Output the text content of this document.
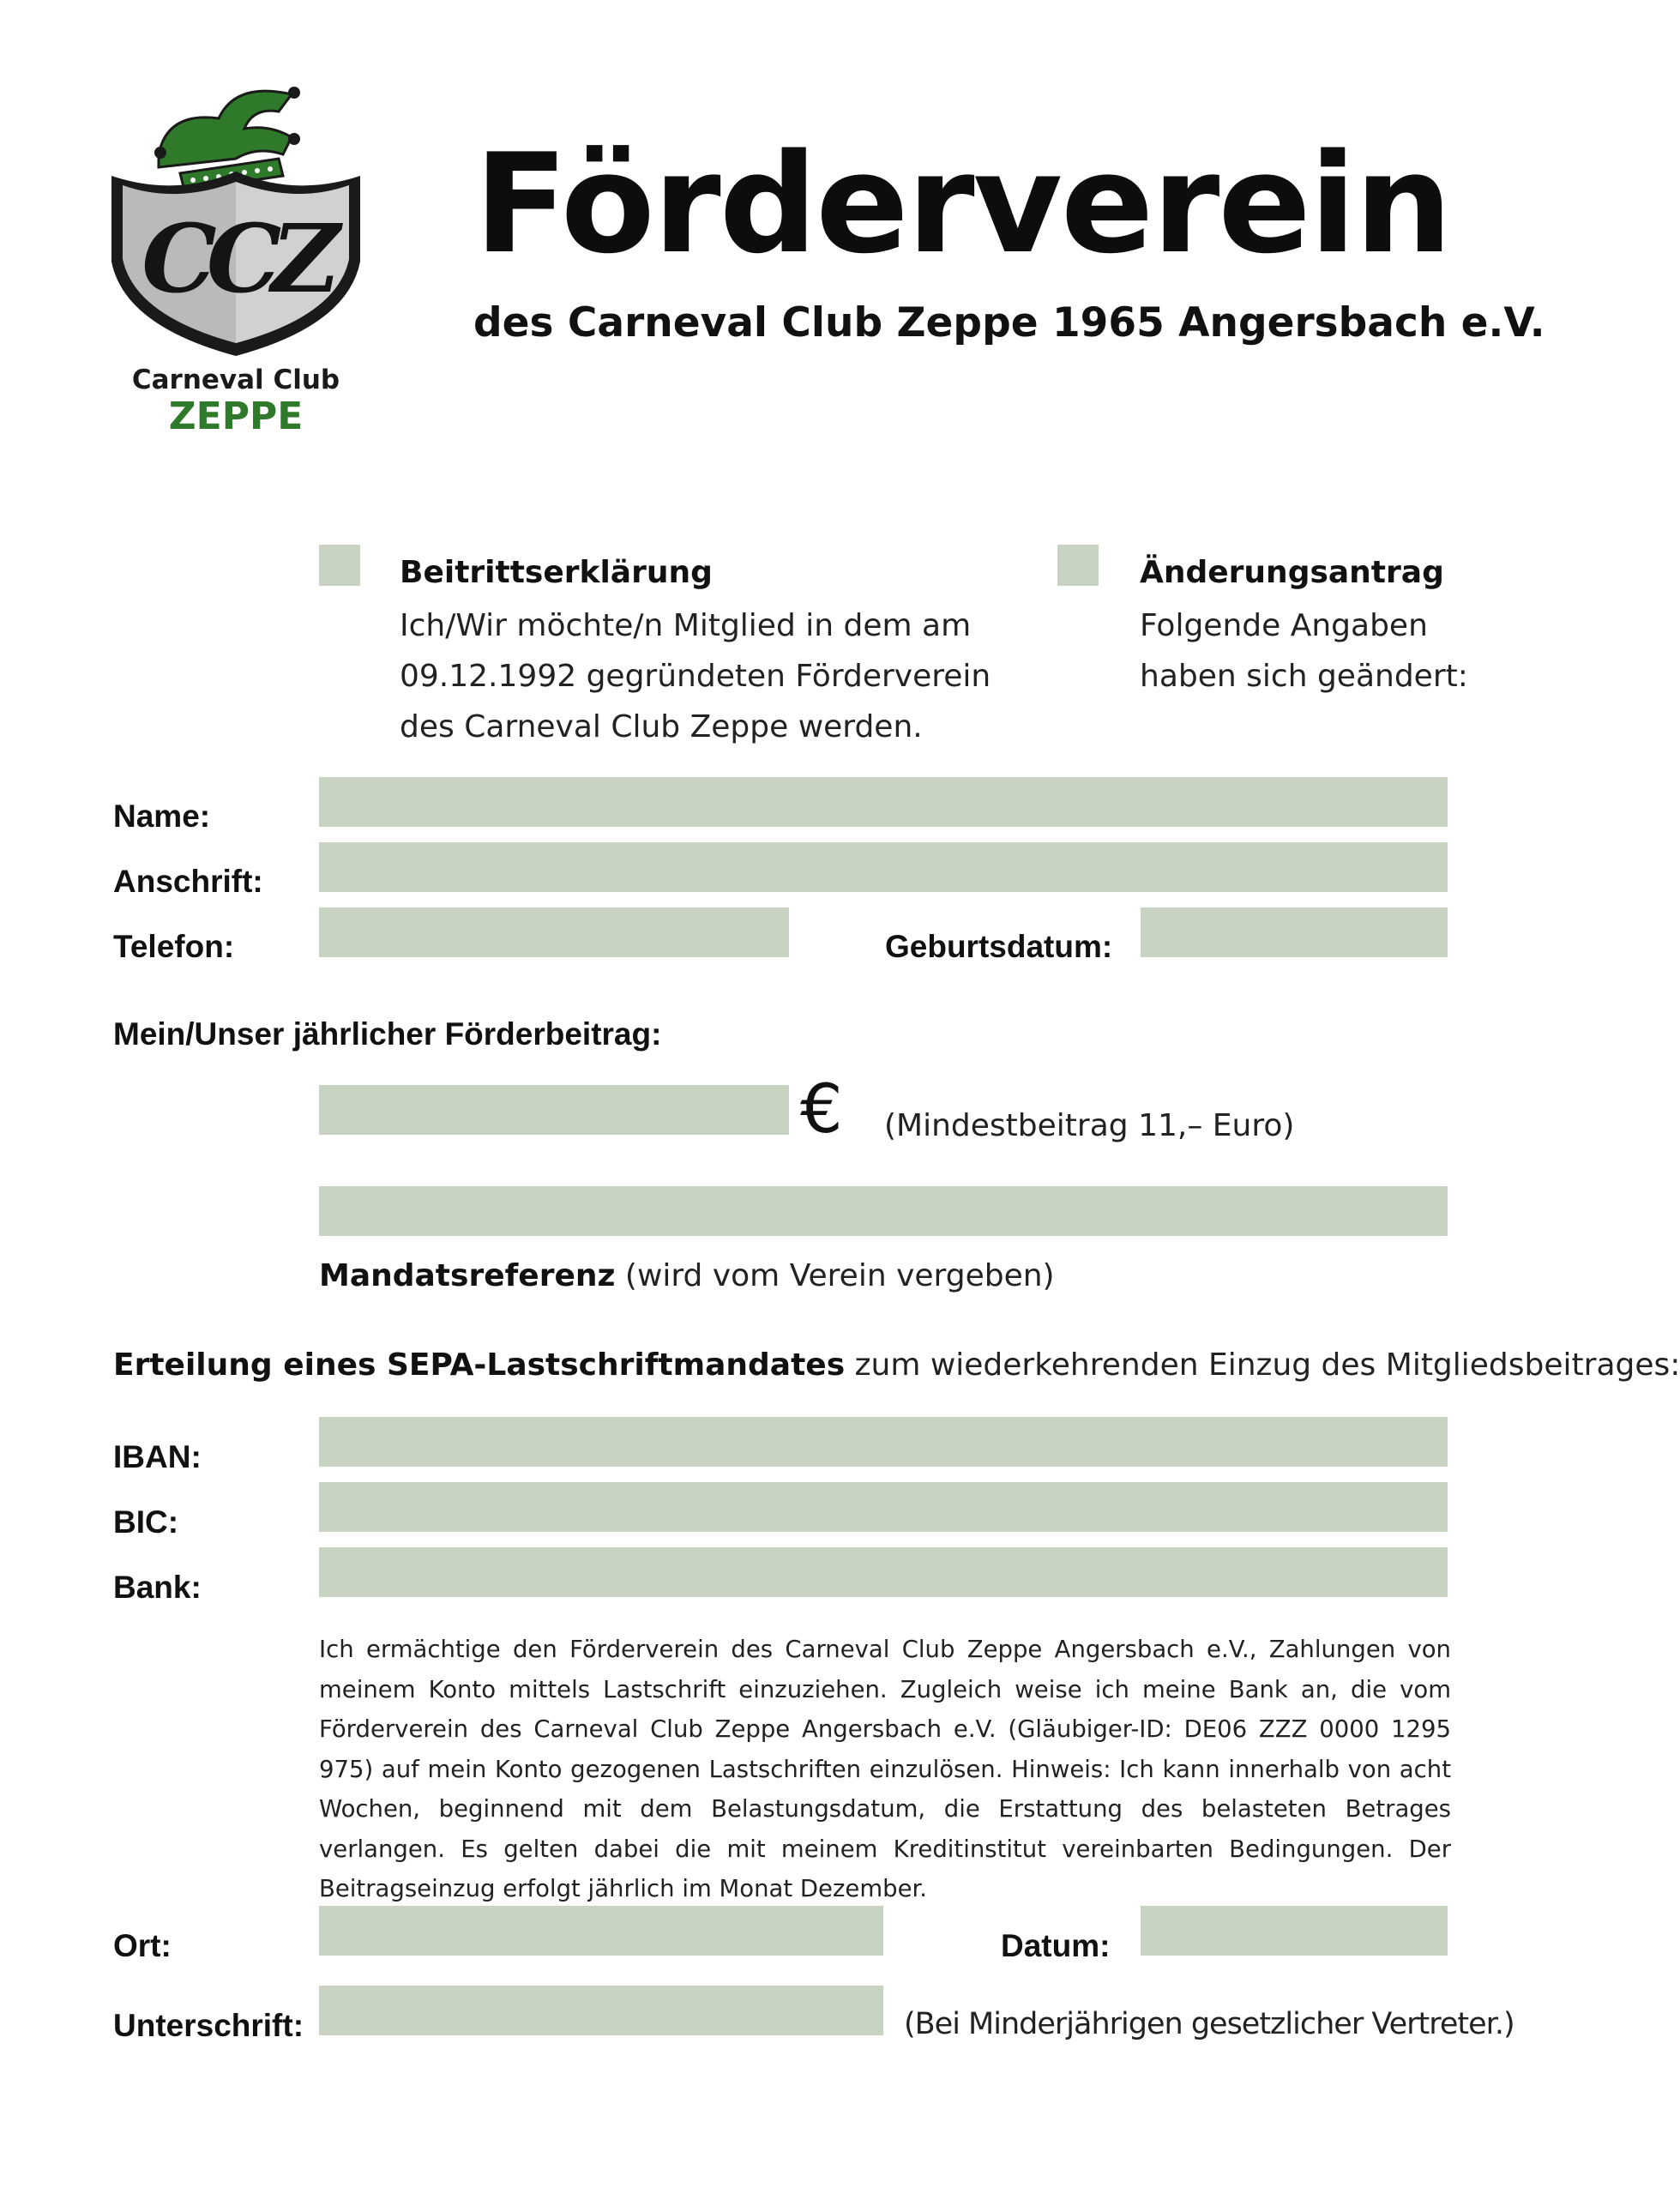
CCZ
Carneval Club
ZEPPE
Förderverein
des Carneval Club Zeppe 1965 Angersbach e.V.
Beitrittserklärung
Ich/Wir möchte/n Mitglied in dem am
09.12.1992 gegründeten Förderverein
des Carneval Club Zeppe werden.
Änderungsantrag
Folgende Angaben
haben sich geändert:
Name:
Anschrift:
Telefon:	Geburtsdatum:
Mein/Unser jährlicher Förderbeitrag:
€ (Mindestbeitrag 11,– Euro)
Mandatsreferenz (wird vom Verein vergeben)
Erteilung eines SEPA-Lastschriftmandates zum wiederkehrenden Einzug des Mitgliedsbeitrages:
IBAN:
BIC:
Bank:
Ich ermächtige den Förderverein des Carneval Club Zeppe Angersbach e.V., Zahlungen von meinem Konto mittels Lastschrift einzuziehen. Zugleich weise ich meine Bank an, die vom Förderverein des Carneval Club Zeppe Angersbach e.V. (Gläubiger-ID: DE06 ZZZ 0000 1295 975) auf mein Konto gezogenen Lastschriften einzulösen. Hinweis: Ich kann innerhalb von acht Wochen, beginnend mit dem Belastungsdatum, die Erstattung des belasteten Betrages verlangen. Es gelten dabei die mit meinem Kreditinstitut vereinbarten Bedingungen. Der Beitragseinzug erfolgt jährlich im Monat Dezember.
Ort:	Datum:
Unterschrift:	(Bei Minderjährigen gesetzlicher Vertreter.)
